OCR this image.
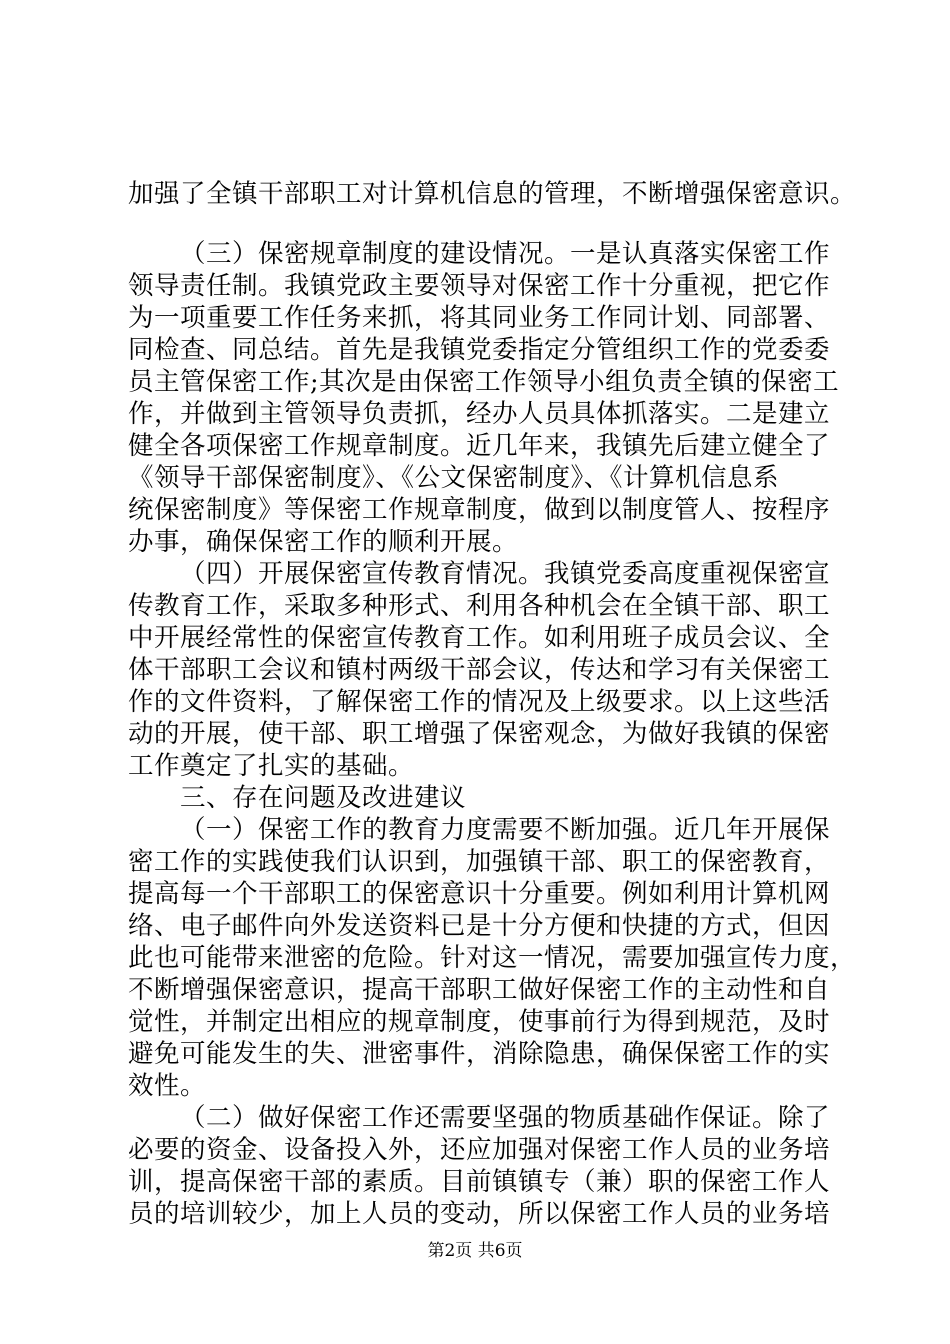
加强了全镇干部职工对计算机信息的管理，不断增强保密意识。
（三）保密规章制度的建设情况。一是认真落实保密工作
领导责任制。我镇党政主要领导对保密工作十分重视，把它作
为一项重要工作任务来抓，将其同业务工作同计划、同部署、
同检查、同总结。首先是我镇党委指定分管组织工作的党委委
员主管保密工作;其次是由保密工作领导小组负责全镇的保密工
作，并做到主管领导负责抓，经办人员具体抓落实。二是建立
健全各项保密工作规章制度。近几年来，我镇先后建立健全了
《领导干部保密制度》、《公文保密制度》、《计算机信息系
统保密制度》等保密工作规章制度，做到以制度管人、按程序
办事，确保保密工作的顺利开展。
（四）开展保密宣传教育情况。我镇党委高度重视保密宣
传教育工作，采取多种形式、利用各种机会在全镇干部、职工
中开展经常性的保密宣传教育工作。如利用班子成员会议、全
体干部职工会议和镇村两级干部会议，传达和学习有关保密工
作的文件资料，了解保密工作的情况及上级要求。以上这些活
动的开展，使干部、职工增强了保密观念，为做好我镇的保密
工作奠定了扎实的基础。
三、存在问题及改进建议
（一）保密工作的教育力度需要不断加强。近几年开展保
密工作的实践使我们认识到，加强镇干部、职工的保密教育，
提高每一个干部职工的保密意识十分重要。例如利用计算机网
络、电子邮件向外发送资料已是十分方便和快捷的方式，但因
此也可能带来泄密的危险。针对这一情况，需要加强宣传力度，
不断增强保密意识，提高干部职工做好保密工作的主动性和自
觉性，并制定出相应的规章制度，使事前行为得到规范，及时
避免可能发生的失、泄密事件，消除隐患，确保保密工作的实
效性。
（二）做好保密工作还需要坚强的物质基础作保证。除了
必要的资金、设备投入外，还应加强对保密工作人员的业务培
训，提高保密干部的素质。目前镇镇专（兼）职的保密工作人
员的培训较少，加上人员的变动，所以保密工作人员的业务培
第2页 共6页
